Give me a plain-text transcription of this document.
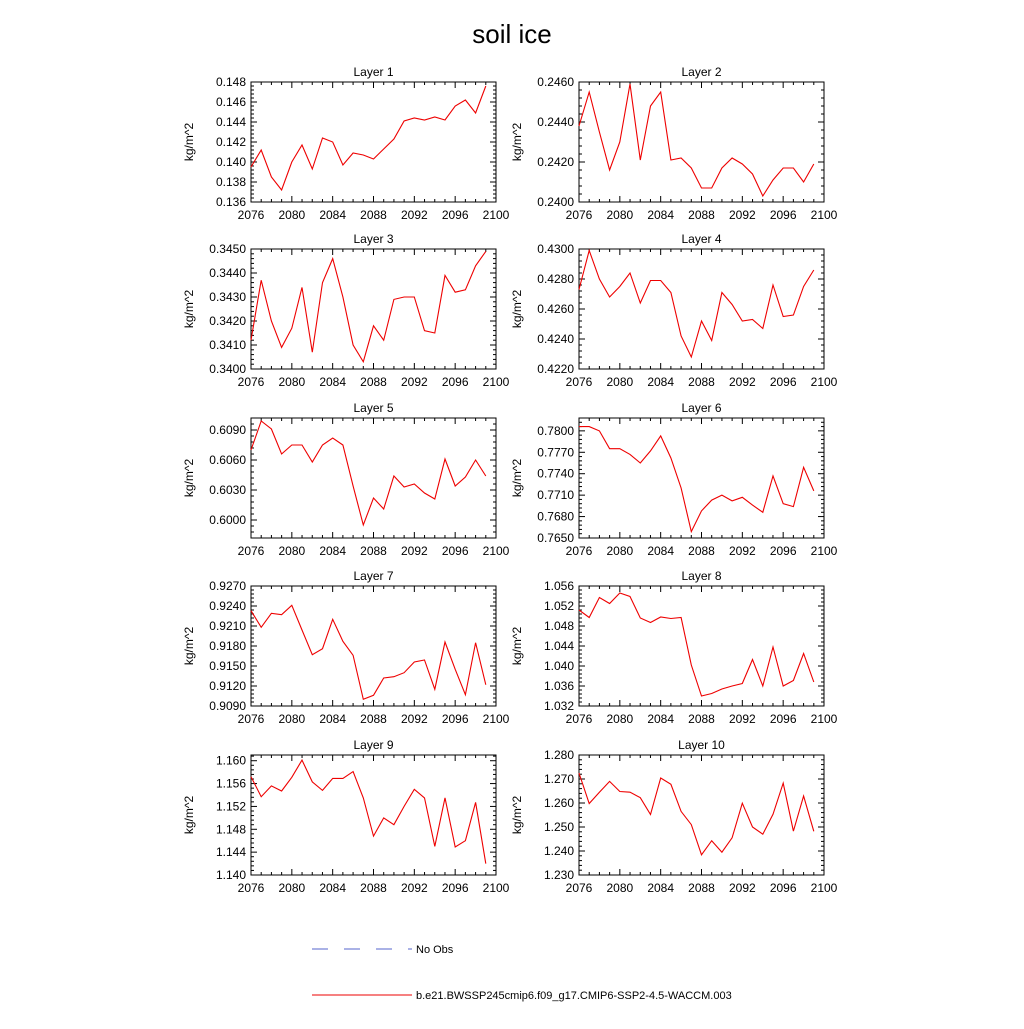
soil ice
Layer 1
kg/m^2
2076 2080 2084 2088 2092 2096 2100
0.136
0.138
0.140
0.142
0.144
0.146
0.148
Layer 2
kg/m^2
2076 2080 2084 2088 2092 2096 2100
0.2400
0.2420
0.2440
0.2460
Layer 3
kg/m^2
2076 2080 2084 2088 2092 2096 2100
0.3400
0.3410
0.3420
0.3430
0.3440
0.3450
Layer 4
kg/m^2
2076 2080 2084 2088 2092 2096 2100
0.4220
0.4240
0.4260
0.4280
0.4300
Layer 5
kg/m^2
2076 2080 2084 2088 2092 2096 2100
0.6000
0.6030
0.6060
0.6090
Layer 6
kg/m^2
2076 2080 2084 2088 2092 2096 2100
0.7650
0.7680
0.7710
0.7740
0.7770
0.7800
Layer 7
kg/m^2
2076 2080 2084 2088 2092 2096 2100
0.9090
0.9120
0.9150
0.9180
0.9210
0.9240
0.9270
Layer 8
kg/m^2
2076 2080 2084 2088 2092 2096 2100
1.032
1.036
1.040
1.044
1.048
1.052
1.056
Layer 9
kg/m^2
2076 2080 2084 2088 2092 2096 2100
1.140
1.144
1.148
1.152
1.156
1.160
Layer 10
kg/m^2
2076 2080 2084 2088 2092 2096 2100
1.230
1.240
1.250
1.260
1.270
1.280
No Obs
b.e21.BWSSP245cmip6.f09_g17.CMIP6-SSP2-4.5-WACCM.003
